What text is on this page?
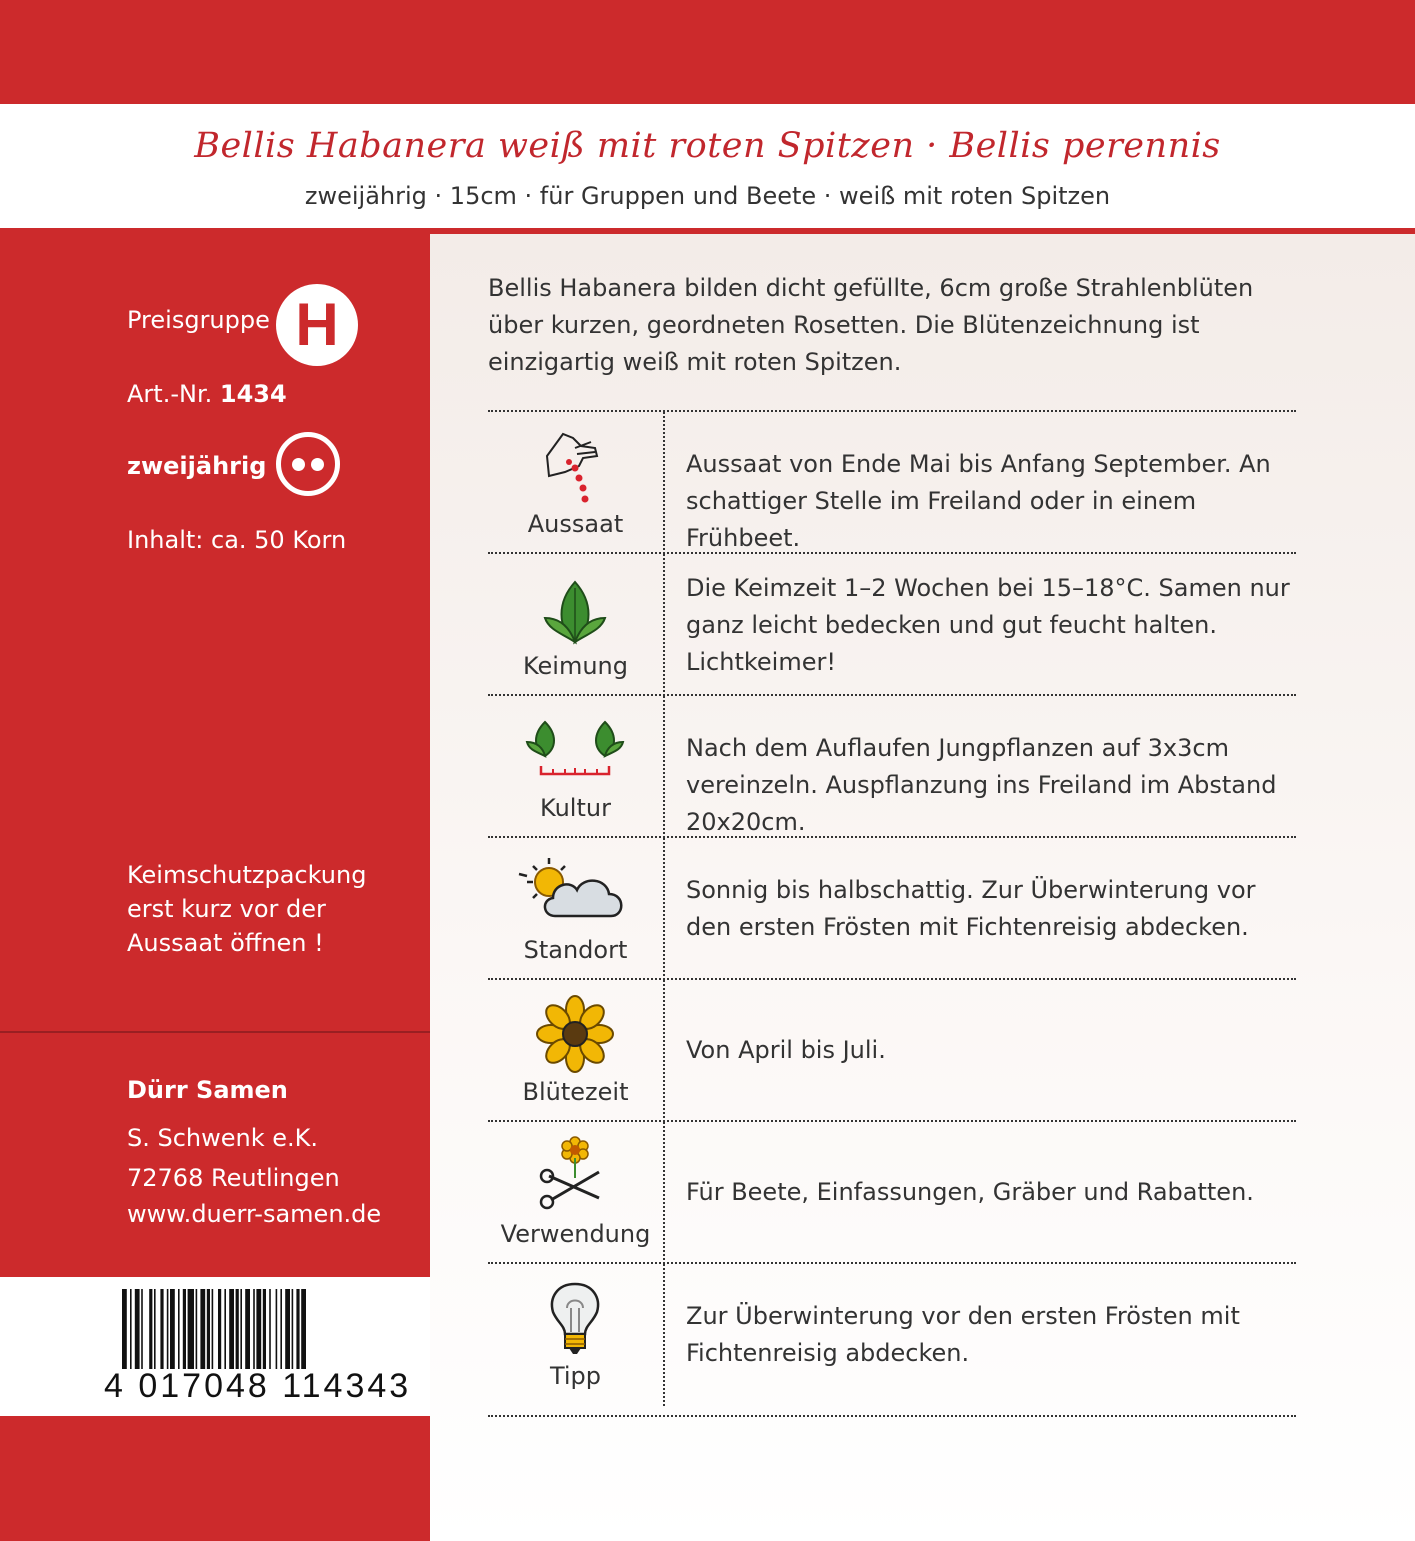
Bellis Habanera weiß mit roten Spitzen · Bellis perennis
zweijährig · 15cm · für Gruppen und Beete · weiß mit roten Spitzen
Preisgruppe H
Art.-Nr. 1434
zweijährig
Inhalt: ca. 50 Korn
Keimschutzpackung erst kurz vor der Aussaat öffnen !
Dürr Samen
S. Schwenk e.K.
72768 Reutlingen
www.duerr-samen.de
4 017048 114343
Bellis Habanera bilden dicht gefüllte, 6cm große Strahlenblüten über kurzen, geordneten Rosetten. Die Blütenzeichnung ist einzigartig weiß mit roten Spitzen.
Aussaat
Aussaat von Ende Mai bis Anfang September. An schattiger Stelle im Freiland oder in einem Frühbeet.
Keimung
Die Keimzeit 1–2 Wochen bei 15–18°C. Samen nur ganz leicht bedecken und gut feucht halten. Lichtkeimer!
Kultur
Nach dem Auflaufen Jungpflanzen auf 3x3cm vereinzeln. Auspflanzung ins Freiland im Abstand 20x20cm.
Standort
Sonnig bis halbschattig. Zur Überwinterung vor den ersten Frösten mit Fichtenreisig abdecken.
Blütezeit
Von April bis Juli.
Verwendung
Für Beete, Einfassungen, Gräber und Rabatten.
Tipp
Zur Überwinterung vor den ersten Frösten mit Fichtenreisig abdecken.
